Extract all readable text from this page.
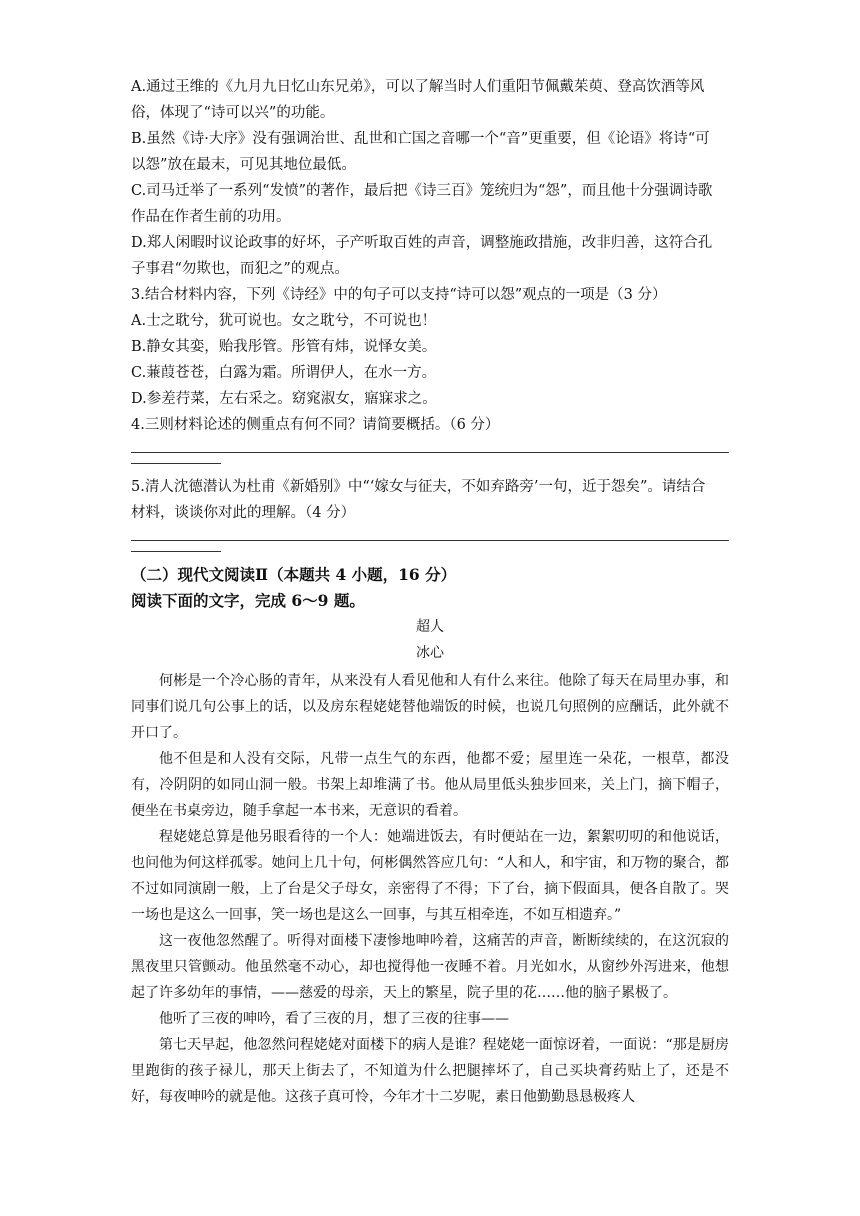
A.通过王维的《九月九日忆山东兄弟》，可以了解当时人们重阳节佩戴茱萸、登高饮酒等风
俗，体现了“诗可以兴”的功能。
B.虽然《诗·大序》没有强调治世、乱世和亡国之音哪一个“音”更重要，但《论语》将诗“可
以怨”放在最末，可见其地位最低。
C.司马迁举了一系列“发愤”的著作，最后把《诗三百》笼统归为“怨”，而且他十分强调诗歌
作品在作者生前的功用。
D.郑人闲暇时议论政事的好坏，子产听取百姓的声音，调整施政措施，改非归善，这符合孔
子事君“勿欺也，而犯之”的观点。
3.结合材料内容，下列《诗经》中的句子可以支持“诗可以怨”观点的一项是（3 分）
A.士之耽兮，犹可说也。女之耽兮，不可说也！
B.静女其娈，贻我彤管。彤管有炜，说怿女美。
C.蒹葭苍苍，白露为霜。所谓伊人，在水一方。
D.参差荇菜，左右采之。窈窕淑女，寤寐求之。
4.三则材料论述的侧重点有何不同？请简要概括。（6 分）
5.清人沈德潜认为杜甫《新婚别》中“‘嫁女与征夫，不如弃路旁’一句，近于怨矣”。请结合
材料，谈谈你对此的理解。（4 分）
（二）现代文阅读Ⅱ（本题共 4 小题，16 分）
阅读下面的文字，完成 6～9 题。
超人
冰心
何彬是一个冷心肠的青年，从来没有人看见他和人有什么来往。他除了每天在局里办事，和同事们说几句公事上的话，以及房东程姥姥替他端饭的时候，也说几句照例的应酬话，此外就不开口了。
他不但是和人没有交际，凡带一点生气的东西，他都不爱；屋里连一朵花，一根草，都没有，冷阴阴的如同山洞一般。书架上却堆满了书。他从局里低头独步回来，关上门，摘下帽子，便坐在书桌旁边，随手拿起一本书来，无意识的看着。
程姥姥总算是他另眼看待的一个人：她端进饭去，有时便站在一边，絮絮叨叨的和他说话，也问他为何这样孤零。她问上几十句，何彬偶然答应几句：“人和人，和宇宙，和万物的聚合，都不过如同演剧一般，上了台是父子母女，亲密得了不得；下了台，摘下假面具，便各自散了。哭一场也是这么一回事，笑一场也是这么一回事，与其互相牵连，不如互相遗弃。”
这一夜他忽然醒了。听得对面楼下凄惨地呻吟着，这痛苦的声音，断断续续的，在这沉寂的黑夜里只管颤动。他虽然毫不动心，却也搅得他一夜睡不着。月光如水，从窗纱外泻进来，他想起了许多幼年的事情，——慈爱的母亲，天上的繁星，院子里的花……他的脑子累极了。
他听了三夜的呻吟，看了三夜的月，想了三夜的往事——
第七天早起，他忽然问程姥姥对面楼下的病人是谁？程姥姥一面惊讶着，一面说：“那是厨房里跑街的孩子禄儿，那天上街去了，不知道为什么把腿摔坏了，自己买块膏药贴上了，还是不好，每夜呻吟的就是他。这孩子真可怜，今年才十二岁呢，素日他勤勤恳恳极疼人
